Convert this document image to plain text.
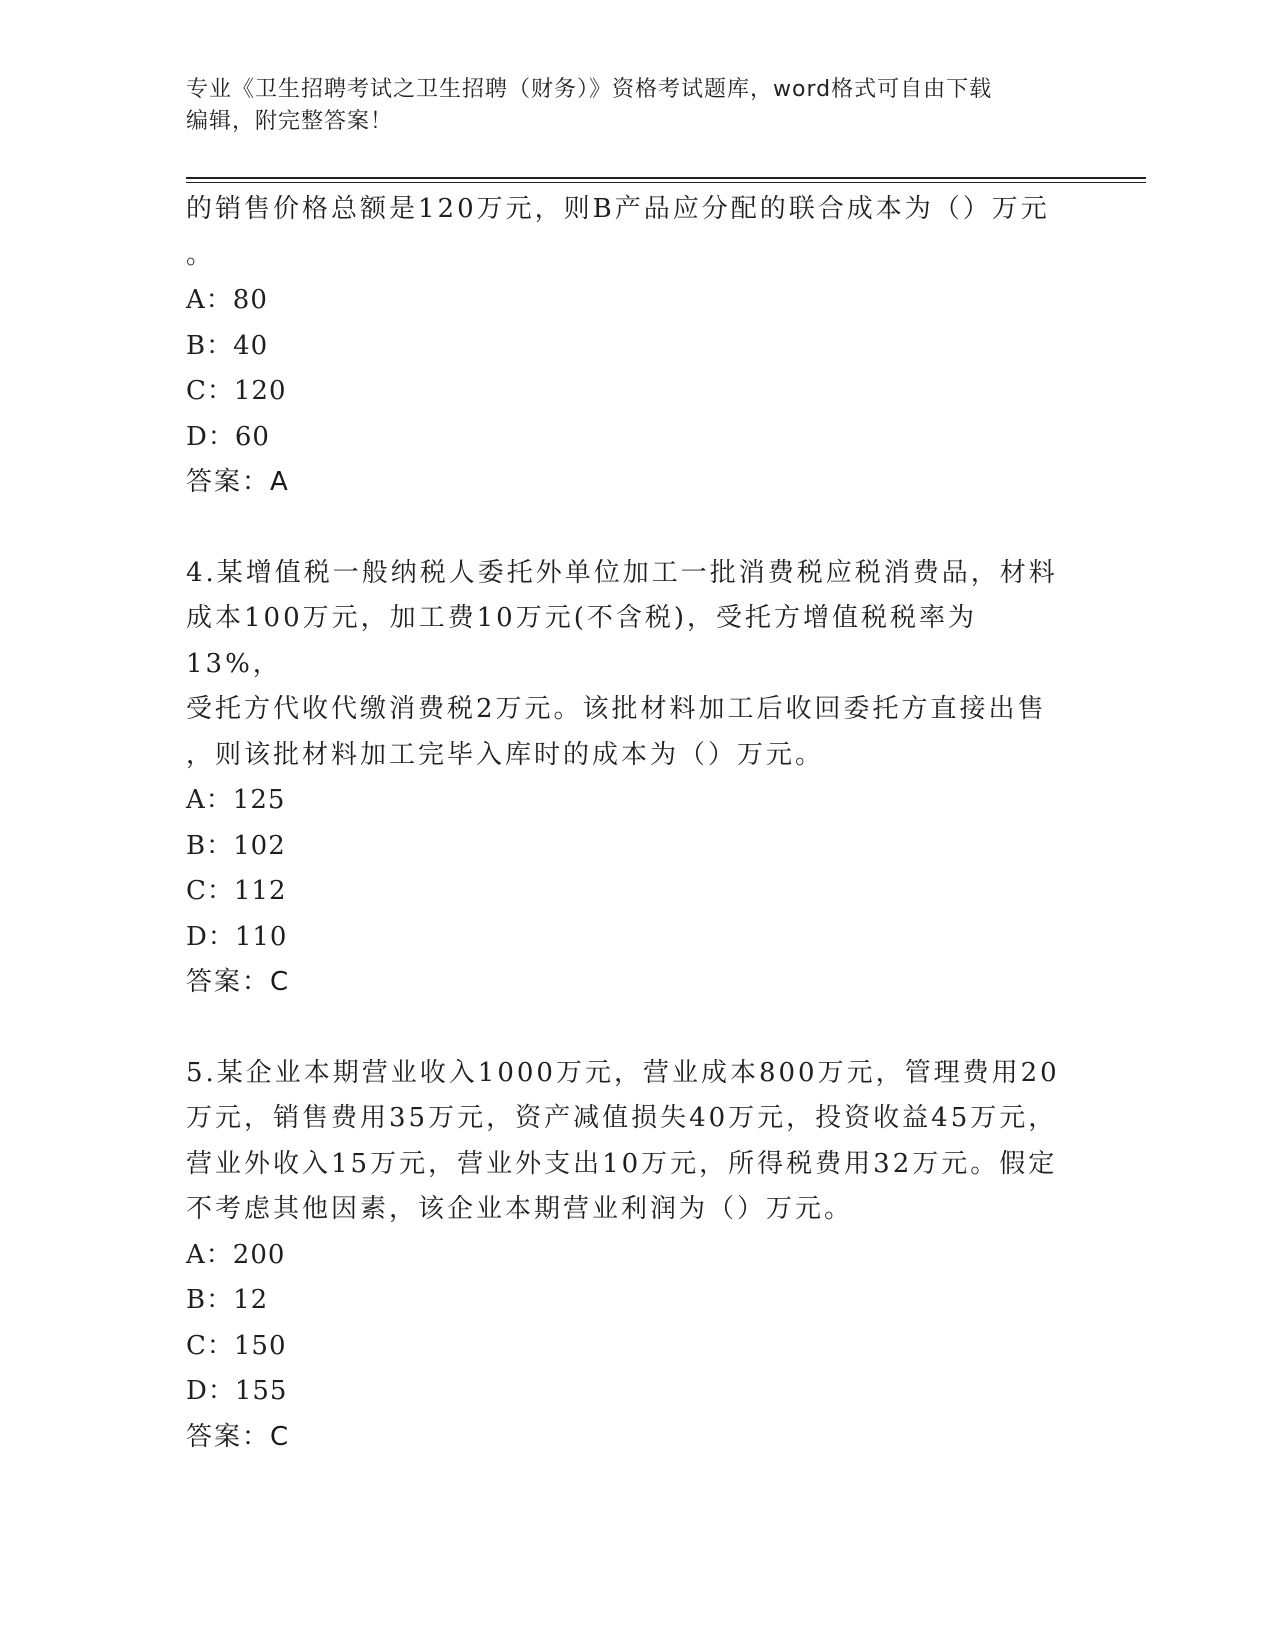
专业《卫生招聘考试之卫生招聘（财务）》资格考试题库，word格式可自由下载
编辑，附完整答案！

的销售价格总额是120万元，则B产品应分配的联合成本为（）万元

。

A：80

B：40

C：120

D：60

答案：A

4.某增值税一般纳税人委托外单位加工一批消费税应税消费品，材料

成本100万元，加工费10万元(不含税)，受托方增值税税率为13%，

受托方代收代缴消费税2万元。该批材料加工后收回委托方直接出售

，则该批材料加工完毕入库时的成本为（）万元。

A：125

B：102

C：112

D：110

答案：C

5.某企业本期营业收入1000万元，营业成本800万元，管理费用20

万元，销售费用35万元，资产减值损失40万元，投资收益45万元，

营业外收入15万元，营业外支出10万元，所得税费用32万元。假定

不考虑其他因素，该企业本期营业利润为（）万元。

A：200

B：12

C：150

D：155

答案：C
